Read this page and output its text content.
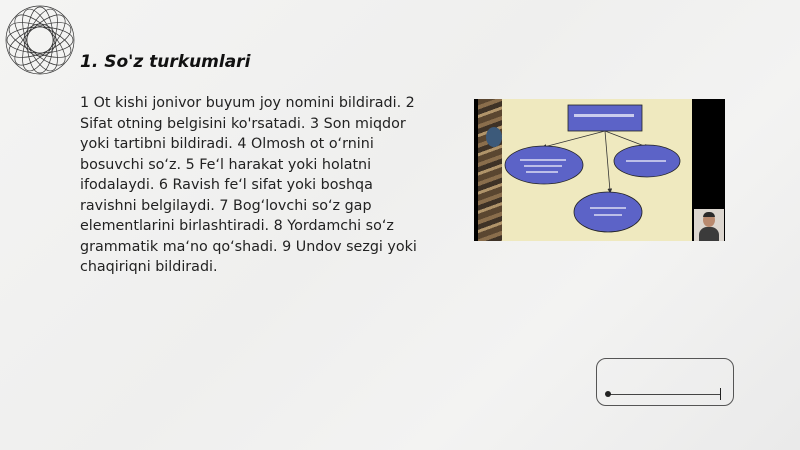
1. So'z turkumlari
1 Ot kishi jonivor buyum joy nomini bildiradi. 2 Sifat otning belgisini ko'rsatadi. 3 Son miqdor yoki tartibni bildiradi. 4 Olmosh ot o‘rnini bosuvchi so‘z. 5 Fe‘l harakat yoki holatni ifodalaydi. 6 Ravish fe‘l sifat yoki boshqa ravishni belgilaydi. 7 Bog‘lovchi so‘z gap elementlarini birlashtiradi. 8 Yordamchi so‘z grammatik ma‘no qo‘shadi. 9 Undov sezgi yoki chaqiriqni bildiradi.
